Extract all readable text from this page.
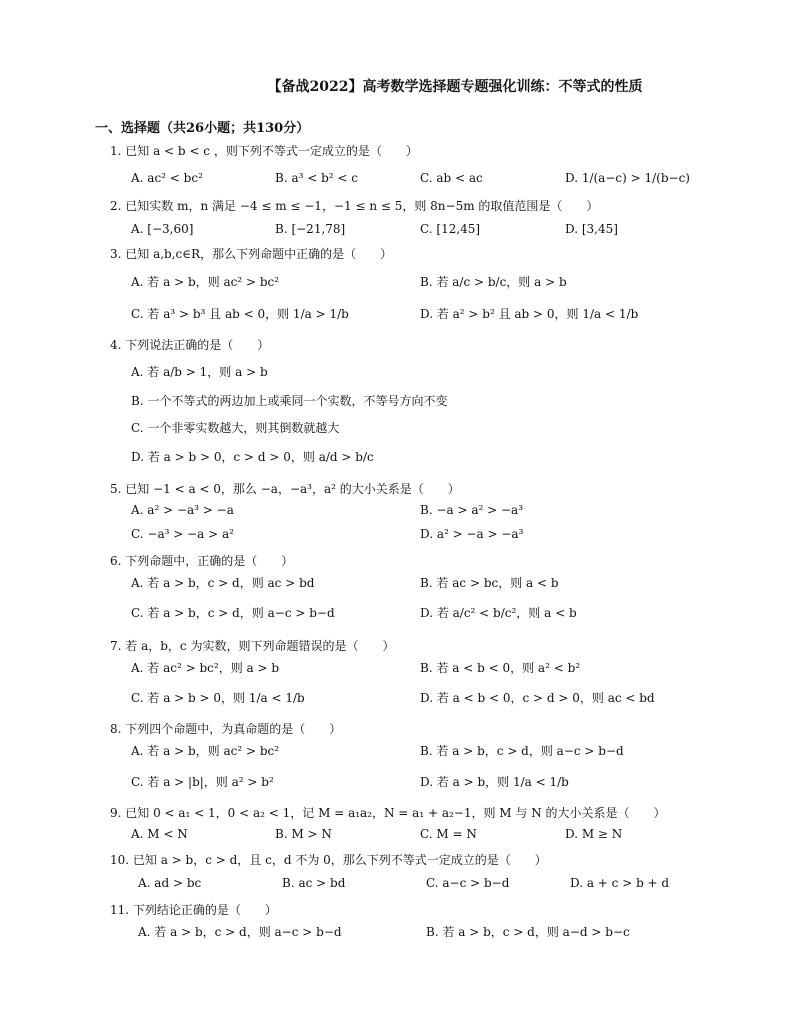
【备战2022】高考数学选择题专题强化训练：不等式的性质
一、选择题（共26小题；共130分）
1. 已知 a < b < c ，则下列不等式一定成立的是（　　）
A. ac² < bc²	B. a³ < b² < c	C. ab < ac	D. 1/(a−c) > 1/(b−c)
2. 已知实数 m，n 满足 −4 ≤ m ≤ −1，−1 ≤ n ≤ 5，则 8n−5m 的取值范围是（　　）
A. [−3,60]	B. [−21,78]	C. [12,45]	D. [3,45]
3. 已知 a,b,c∈R，那么下列命题中正确的是（　　）
A. 若 a > b，则 ac² > bc²	B. 若 a/c > b/c，则 a > b
C. 若 a³ > b³ 且 ab < 0，则 1/a > 1/b	D. 若 a² > b² 且 ab > 0，则 1/a < 1/b
4. 下列说法正确的是（　　）
A. 若 a/b > 1，则 a > b
B. 一个不等式的两边加上或乘同一个实数，不等号方向不变
C. 一个非零实数越大，则其倒数就越大
D. 若 a > b > 0，c > d > 0，则 a/d > b/c
5. 已知 −1 < a < 0，那么 −a，−a³，a² 的大小关系是（　　）
A. a² > −a³ > −a	B. −a > a² > −a³
C. −a³ > −a > a²	D. a² > −a > −a³
6. 下列命题中，正确的是（　　）
A. 若 a > b，c > d，则 ac > bd	B. 若 ac > bc，则 a < b
C. 若 a > b，c > d，则 a−c > b−d	D. 若 a/c² < b/c²，则 a < b
7. 若 a，b，c 为实数，则下列命题错误的是（　　）
A. 若 ac² > bc²，则 a > b	B. 若 a < b < 0，则 a² < b²
C. 若 a > b > 0，则 1/a < 1/b	D. 若 a < b < 0，c > d > 0，则 ac < bd
8. 下列四个命题中，为真命题的是（　　）
A. 若 a > b，则 ac² > bc²	B. 若 a > b，c > d，则 a−c > b−d
C. 若 a > |b|，则 a² > b²	D. 若 a > b，则 1/a < 1/b
9. 已知 0 < a₁ < 1，0 < a₂ < 1，记 M = a₁a₂，N = a₁ + a₂−1，则 M 与 N 的大小关系是（　　）
A. M < N	B. M > N	C. M = N	D. M ≥ N
10. 已知 a > b，c > d，且 c，d 不为 0，那么下列不等式一定成立的是（　　）
A. ad > bc	B. ac > bd	C. a−c > b−d	D. a + c > b + d
11. 下列结论正确的是（　　）
A. 若 a > b，c > d，则 a−c > b−d	B. 若 a > b，c > d，则 a−d > b−c
